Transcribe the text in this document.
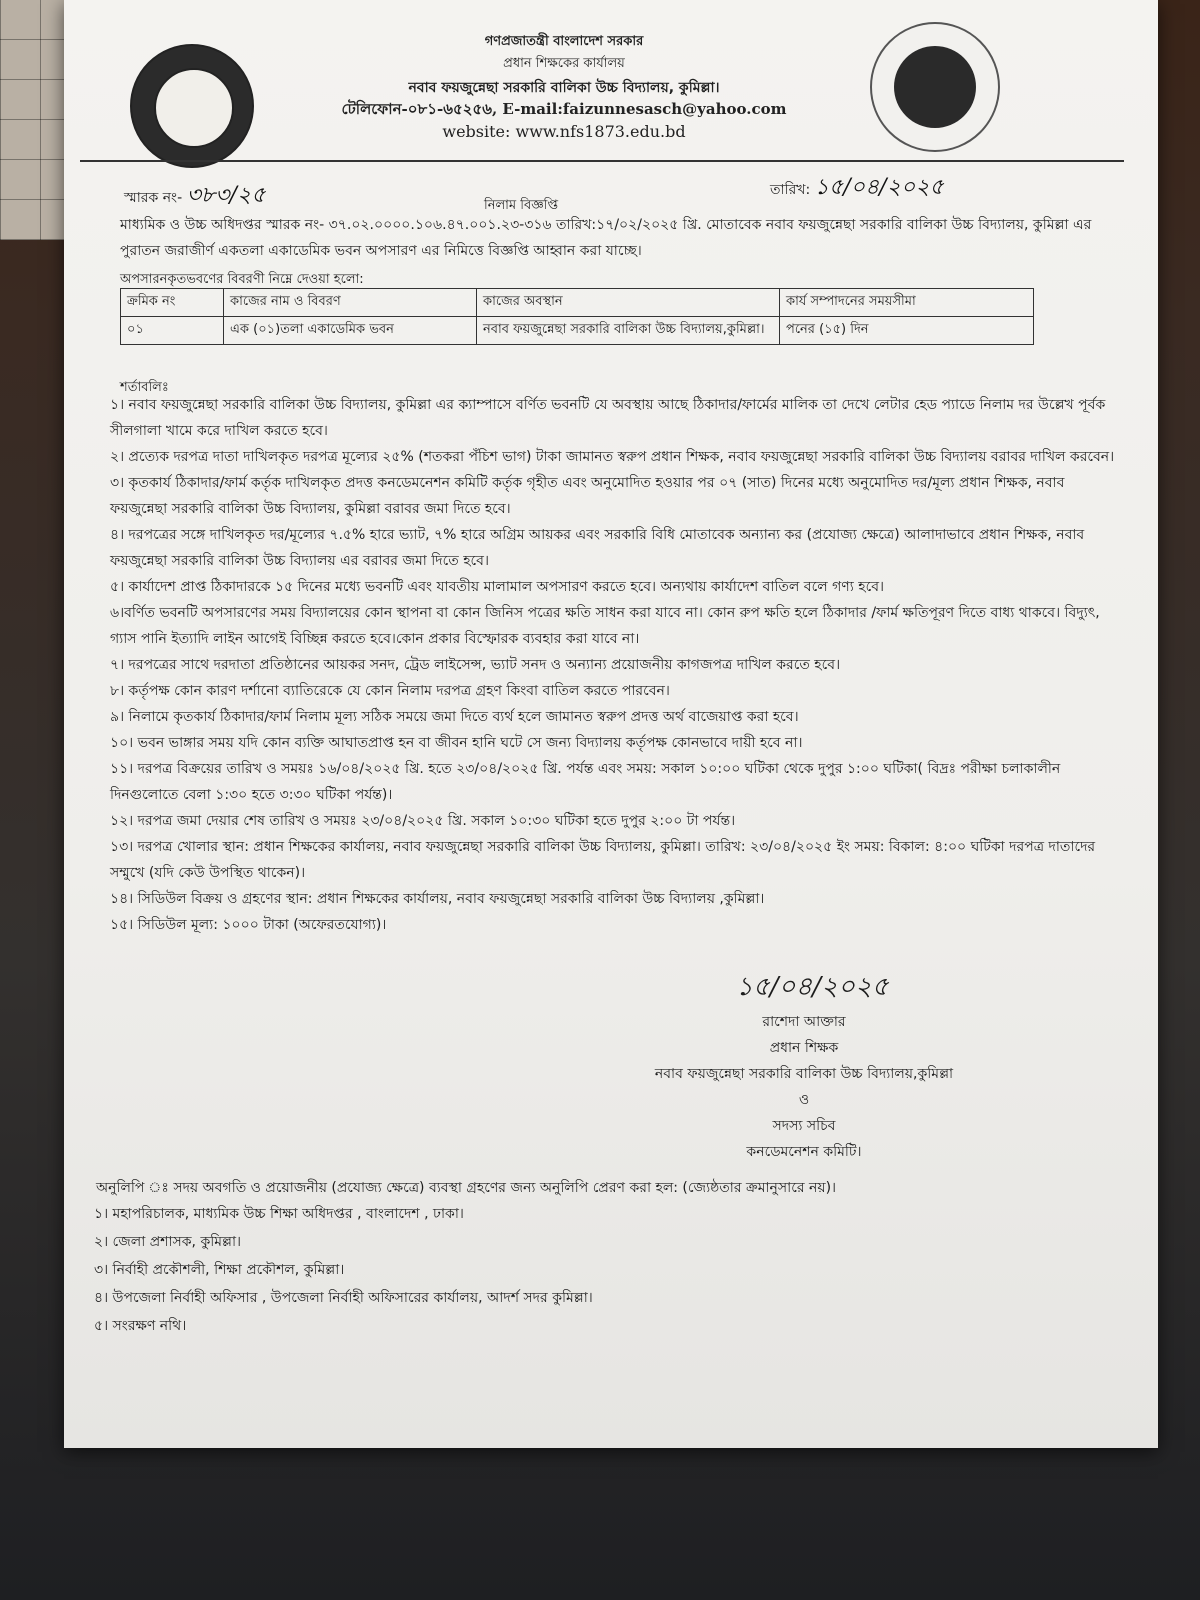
গণপ্রজাতন্ত্রী বাংলাদেশ সরকার
প্রধান শিক্ষকের কার্যালয়
নবাব ফয়জুন্নেছা সরকারি বালিকা উচ্চ বিদ্যালয়, কুমিল্লা।
টেলিফোন-০৮১-৬৫২৫৬, E-mail:faizunnesasch@yahoo.com
website: www.nfs1873.edu.bd
স্মারক নং- ৩৮৩/২৫	তারিখ: ১৫/০৪/২০২৫
নিলাম বিজ্ঞপ্তি
মাধ্যমিক ও উচ্চ অধিদপ্তর স্মারক নং- ৩৭.০২.০০০০.১০৬.৪৭.০০১.২৩-৩১৬ তারিখ:১৭/০২/২০২৫ খ্রি. মোতাবেক নবাব ফয়জুন্নেছা সরকারি বালিকা উচ্চ বিদ্যালয়, কুমিল্লা এর পুরাতন জরাজীর্ণ একতলা একাডেমিক ভবন অপসারণ এর নিমিত্তে বিজ্ঞপ্তি আহ্বান করা যাচ্ছে।
অপসারনকৃতভবণের বিবরণী নিম্নে দেওয়া হলো:
ক্রমিক নং	কাজের নাম ও বিবরণ	কাজের অবস্থান	কার্য সম্পাদনের সময়সীমা
০১	এক (০১)তলা একাডেমিক ভবন	নবাব ফয়জুন্নেছা সরকারি বালিকা উচ্চ বিদ্যালয়,কুমিল্লা।	পনের (১৫) দিন
শর্তাবলিঃ
১। নবাব ফয়জুন্নেছা সরকারি বালিকা উচ্চ বিদ্যালয়, কুমিল্লা এর ক্যাম্পাসে বর্ণিত ভবনটি যে অবস্থায় আছে ঠিকাদার/ফার্মের মালিক তা দেখে লেটার হেড প্যাডে নিলাম দর উল্লেখ পূর্বক সীলগালা খামে করে দাখিল করতে হবে।
২। প্রত্যেক দরপত্র দাতা দাখিলকৃত দরপত্র মূল্যের ২৫% (শতকরা পঁচিশ ভাগ) টাকা জামানত স্বরুপ প্রধান শিক্ষক, নবাব ফয়জুন্নেছা সরকারি বালিকা উচ্চ বিদ্যালয় বরাবর দাখিল করবেন।
৩। কৃতকার্য ঠিকাদার/ফার্ম কর্তৃক দাখিলকৃত প্রদত্ত কনডেমনেশন কমিটি কর্তৃক গৃহীত এবং অনুমোদিত হওয়ার পর ০৭ (সাত) দিনের মধ্যে অনুমোদিত দর/মূল্য প্রধান শিক্ষক, নবাব ফয়জুন্নেছা সরকারি বালিকা উচ্চ বিদ্যালয়, কুমিল্লা বরাবর জমা দিতে হবে।
৪। দরপত্রের সঙ্গে দাখিলকৃত দর/মূল্যের ৭.৫% হারে ভ্যাট, ৭% হারে অগ্রিম আয়কর এবং সরকারি বিধি মোতাবেক অন্যান্য কর (প্রযোজ্য ক্ষেত্রে) আলাদাভাবে প্রধান শিক্ষক, নবাব ফয়জুন্নেছা সরকারি বালিকা উচ্চ বিদ্যালয় এর বরাবর জমা দিতে হবে।
৫। কার্যাদেশ প্রাপ্ত ঠিকাদারকে ১৫ দিনের মধ্যে ভবনটি এবং যাবতীয় মালামাল অপসারণ করতে হবে। অন্যথায় কার্যাদেশ বাতিল বলে গণ্য হবে।
৬।বর্ণিত ভবনটি অপসারণের সময় বিদ্যালয়ের কোন স্থাপনা বা কোন জিনিস পত্রের ক্ষতি সাধন করা যাবে না। কোন রুপ ক্ষতি হলে ঠিকাদার /ফার্ম ক্ষতিপূরণ দিতে বাধ্য থাকবে। বিদ্যুৎ, গ্যাস পানি ইত্যাদি লাইন আগেই বিচ্ছিন্ন করতে হবে।কোন প্রকার বিস্ফোরক ব্যবহার করা যাবে না।
৭। দরপত্রের সাথে দরদাতা প্রতিষ্ঠানের আয়কর সনদ, ট্রেড লাইসেন্স, ভ্যাট সনদ ও অন্যান্য প্রয়োজনীয় কাগজপত্র দাখিল করতে হবে।
৮। কর্তৃপক্ষ কোন কারণ দর্শানো ব্যাতিরেকে যে কোন নিলাম দরপত্র গ্রহণ কিংবা বাতিল করতে পারবেন।
৯। নিলামে কৃতকার্য ঠিকাদার/ফার্ম নিলাম মূল্য সঠিক সময়ে জমা দিতে ব্যর্থ হলে জামানত স্বরুপ প্রদত্ত অর্থ বাজেয়াপ্ত করা হবে।
১০। ভবন ভাঙ্গার সময় যদি কোন ব্যক্তি আঘাতপ্রাপ্ত হন বা জীবন হানি ঘটে সে জন্য বিদ্যালয় কর্তৃপক্ষ কোনভাবে দায়ী হবে না।
১১। দরপত্র বিক্রয়ের তারিখ ও সময়ঃ ১৬/০৪/২০২৫ খ্রি. হতে ২৩/০৪/২০২৫ খ্রি. পর্যন্ত এবং সময়: সকাল ১০:০০ ঘটিকা থেকে দুপুর ১:০০ ঘটিকা( বিদ্রঃ পরীক্ষা চলাকালীন দিনগুলোতে বেলা ১:৩০ হতে ৩:৩০ ঘটিকা পর্যন্ত)।
১২। দরপত্র জমা দেয়ার শেষ তারিখ ও সময়ঃ ২৩/০৪/২০২৫ খ্রি. সকাল ১০:৩০ ঘটিকা হতে দুপুর ২:০০ টা পর্যন্ত।
১৩। দরপত্র খোলার স্থান: প্রধান শিক্ষকের কার্যালয়, নবাব ফয়জুন্নেছা সরকারি বালিকা উচ্চ বিদ্যালয়, কুমিল্লা। তারিখ: ২৩/০৪/২০২৫ ইং সময়: বিকাল: ৪:০০ ঘটিকা দরপত্র দাতাদের সম্মুখে (যদি কেউ উপস্থিত থাকেন)।
১৪। সিডিউল বিক্রয় ও গ্রহণের স্থান: প্রধান শিক্ষকের কার্যালয়, নবাব ফয়জুন্নেছা সরকারি বালিকা উচ্চ বিদ্যালয় ,কুমিল্লা।
১৫। সিডিউল মূল্য: ১০০০ টাকা (অফেরতযোগ্য)।
১৫/০৪/২০২৫
রাশেদা আক্তার
প্রধান শিক্ষক
নবাব ফয়জুন্নেছা সরকারি বালিকা উচ্চ বিদ্যালয়,কুমিল্লা
ও
সদস্য সচিব
কনডেমনেশন কমিটি।
অনুলিপি ঃ সদয় অবগতি ও প্রয়োজনীয় (প্রযোজ্য ক্ষেত্রে) ব্যবস্থা গ্রহণের জন্য অনুলিপি প্রেরণ করা হল: (জ্যেষ্ঠতার ক্রমানুসারে নয়)।
১। মহাপরিচালক, মাধ্যমিক উচ্চ শিক্ষা অধিদপ্তর , বাংলাদেশ , ঢাকা।
২। জেলা প্রশাসক, কুমিল্লা।
৩। নির্বাহী প্রকৌশলী, শিক্ষা প্রকৌশল, কুমিল্লা।
৪। উপজেলা নির্বাহী অফিসার , উপজেলা নির্বাহী অফিসারের কার্যালয়, আদর্শ সদর কুমিল্লা।
৫। সংরক্ষণ নথি।
